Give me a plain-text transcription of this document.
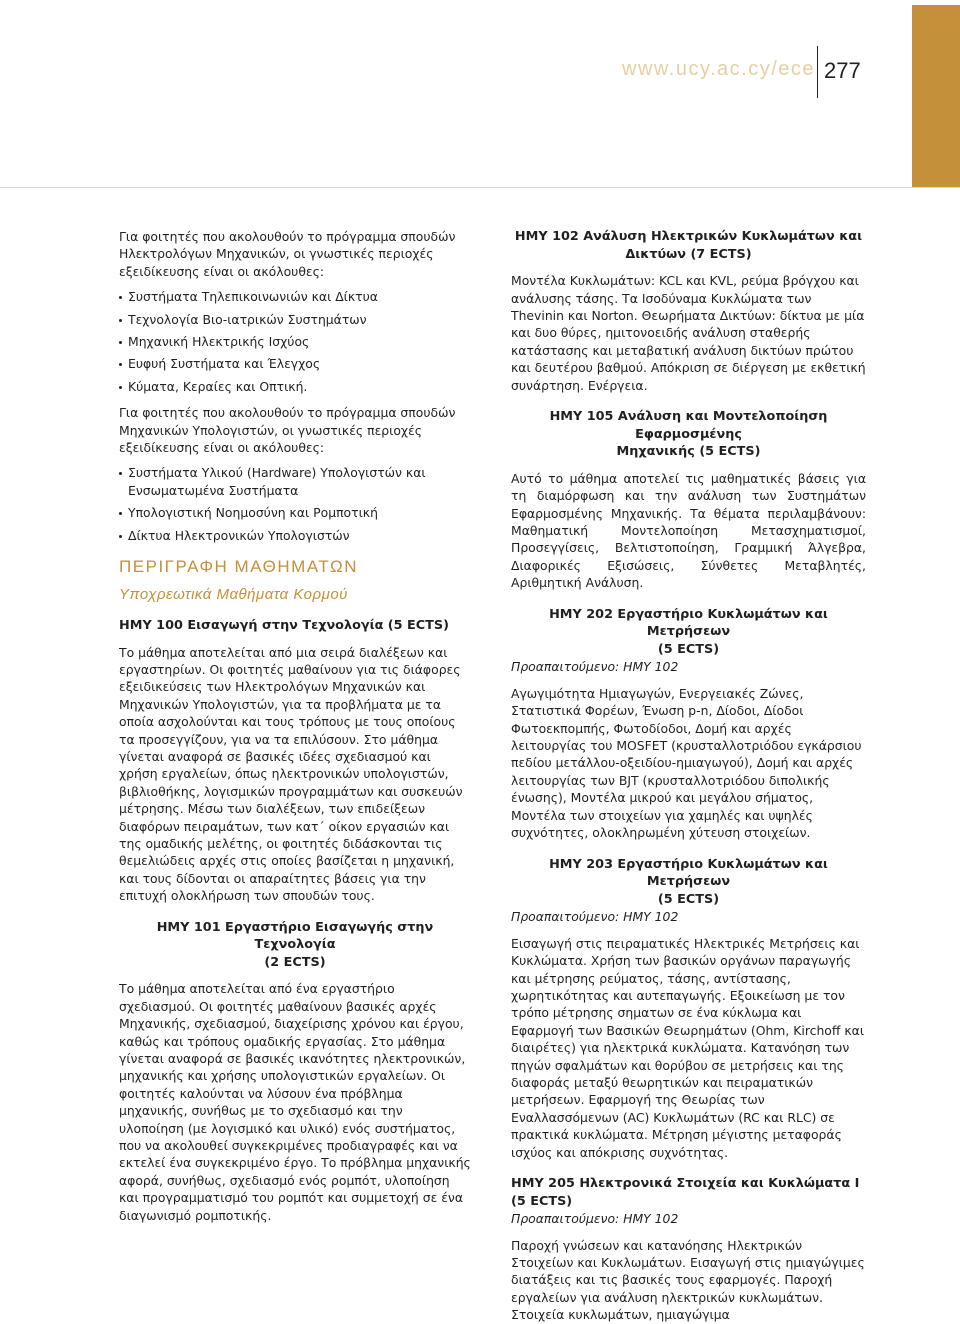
www.ucy.ac.cy/ece 277

Για φοιτητές που ακολουθούν το πρόγραμμα σπουδών Ηλεκτρολόγων Μηχανικών, οι γνωστικές περιοχές εξειδίκευσης είναι οι ακόλουθες:

Συστήματα Τηλεπικοινωνιών και Δίκτυα
Τεχνολογία Βιο-ιατρικών Συστημάτων
Μηχανική Ηλεκτρικής Ισχύος
Ευφυή Συστήματα και Έλεγχος
Κύματα, Κεραίες και Οπτική.

Για φοιτητές που ακολουθούν το πρόγραμμα σπουδών Μηχανικών Υπολογιστών, οι γνωστικές περιοχές εξειδίκευσης είναι οι ακόλουθες:

Συστήματα Υλικού (Hardware) Υπολογιστών και Ενσωματωμένα Συστήματα
Υπολογιστική Νοημοσύνη και Ρομποτική
Δίκτυα Ηλεκτρονικών Υπολογιστών
ΠΕΡΙΓΡΑΦΗ ΜΑΘΗΜΑΤΩΝ
Υποχρεωτικά Μαθήματα Κορμού
ΗΜΥ 100 Εισαγωγή στην Τεχνολογία (5 ECTS)

Το μάθημα αποτελείται από μια σειρά διαλέξεων και εργαστηρίων. Οι φοιτητές μαθαίνουν για τις διάφορες εξειδικεύσεις των Ηλεκτρολόγων Μηχανικών και Μηχανικών Υπολογιστών, για τα προβλήματα με τα οποία ασχολούνται και τους τρόπους με τους οποίους τα προσεγγίζουν, για να τα επιλύσουν. Στο μάθημα γίνεται αναφορά σε βασικές ιδέες σχεδιασμού και χρήση εργαλείων, όπως ηλεκτρονικών υπολογιστών, βιβλιοθήκης, λογισμικών προγραμμάτων και συσκευών μέτρησης. Μέσω των διαλέξεων, των επιδείξεων διαφόρων πειραμάτων, των κατ΄ οίκον εργασιών και της ομαδικής μελέτης, οι φοιτητές διδάσκονται τις θεμελιώδεις αρχές στις οποίες βασίζεται η μηχανική, και τους δίδονται οι απαραίτητες βάσεις για την επιτυχή ολοκλήρωση των σπουδών τους.

ΗΜΥ 101 Εργαστήριο Εισαγωγής στην Τεχνολογία
(2 ECTS)

Το μάθημα αποτελείται από ένα εργαστήριο σχεδιασμού. Οι φοιτητές μαθαίνουν βασικές αρχές Μηχανικής, σχεδιασμού, διαχείρισης χρόνου και έργου, καθώς και τρόπους ομαδικής εργασίας. Στο μάθημα γίνεται αναφορά σε βασικές ικανότητες ηλεκτρονικών, μηχανικής και χρήσης υπολογιστικών εργαλείων. Οι φοιτητές καλούνται να λύσουν ένα πρόβλημα μηχανικής, συνήθως με το σχεδιασμό και την υλοποίηση (με λογισμικό και υλικό) ενός συστήματος, που να ακολουθεί συγκεκριμένες προδιαγραφές και να εκτελεί ένα συγκεκριμένο έργο. Το πρόβλημα μηχανικής αφορά, συνήθως, σχεδιασμό ενός ρομπότ, υλοποίηση και προγραμματισμό του ρομπότ και συμμετοχή σε ένα διαγωνισμό ρομποτικής.

ΗΜΥ 102 Ανάλυση Ηλεκτρικών Κυκλωμάτων και
Δικτύων (7 ECTS)

Μοντέλα Κυκλωμάτων: KCL και KVL, ρεύμα βρόγχου και ανάλυσης τάσης. Τα Ισοδύναμα Κυκλώματα των Thevinin και Norton. Θεωρήματα Δικτύων: δίκτυα με μία και δυο θύρες, ημιτονοειδής ανάλυση σταθερής κατάστασης και μεταβατική ανάλυση δικτύων πρώτου και δευτέρου βαθμού. Απόκριση σε διέργεση με εκθετική συνάρτηση. Ενέργεια.

ΗΜΥ 105 Ανάλυση και Μοντελοποίηση Εφαρμοσμένης
Μηχανικής (5 ECTS)

Αυτό το μάθημα αποτελεί τις μαθηματικές βάσεις για τη διαμόρφωση και την ανάλυση των Συστημάτων Εφαρμοσμένης Μηχανικής. Τα θέματα περιλαμβάνουν: Μαθηματική Μοντελοποίηση Μετασχηματισμοί, Προσεγγίσεις, Βελτιστοποίηση, Γραμμική Άλγεβρα, Διαφορικές Εξισώσεις, Σύνθετες Μεταβλητές, Αριθμητική Ανάλυση.

ΗΜΥ 202 Εργαστήριο Κυκλωμάτων και Μετρήσεων
(5 ECTS)

Προαπαιτούμενο: ΗΜΥ 102

Αγωγιμότητα Ημιαγωγών, Ενεργειακές Ζώνες, Στατιστικά Φορέων, Ένωση p-n, Δίοδοι, Δίοδοι Φωτοεκπομπής, Φωτοδίοδοι, Δομή και αρχές λειτουργίας του MOSFET (κρυσταλλοτριόδου εγκάρσιου πεδίου μετάλλου-οξειδίου-ημιαγωγού), Δομή και αρχές λειτουργίας των BJT (κρυσταλλοτριόδου διπολικής ένωσης), Μοντέλα μικρού και μεγάλου σήματος, Μοντέλα των στοιχείων για χαμηλές και υψηλές συχνότητες, ολοκληρωμένη χύτευση στοιχείων.

ΗΜΥ 203 Εργαστήριο Κυκλωμάτων και Μετρήσεων
(5 ECTS)

Προαπαιτούμενο: ΗΜΥ 102

Εισαγωγή στις πειραματικές Ηλεκτρικές Μετρήσεις και Κυκλώματα. Χρήση των βασικών οργάνων παραγωγής και μέτρησης ρεύματος, τάσης, αντίστασης, χωρητικότητας και αυτεπαγωγής. Εξοικείωση με τον τρόπο μέτρησης σηματων σε ένα κύκλωμα και Εφαρμογή των Βασικών Θεωρημάτων (Ohm, Kirchoff και διαιρέτες) για ηλεκτρικά κυκλώματα. Κατανόηση των πηγών σφαλμάτων και θορύβου σε μετρήσεις και της διαφοράς μεταξύ θεωρητικών και πειραματικών μετρήσεων. Εφαρμογή της Θεωρίας των Εναλλασσόμενων (AC) Κυκλωμάτων (RC και RLC) σε πρακτικά κυκλώματα. Μέτρηση μέγιστης μεταφοράς ισχύος και απόκρισης συχνότητας.

ΗΜΥ 205 Ηλεκτρονικά Στοιχεία και Κυκλώματα Ι (5 ECTS)

Προαπαιτούμενο: ΗΜΥ 102

Παροχή γνώσεων και κατανόησης Ηλεκτρικών Στοιχείων και Κυκλωμάτων. Εισαγωγή στις ημιαγώγιμες διατάξεις και τις βασικές τους εφαρμογές. Παροχή εργαλείων για ανάλυση ηλεκτρικών κυκλωμάτων. Στοιχεία κυκλωμάτων, ημιαγώγιμα
